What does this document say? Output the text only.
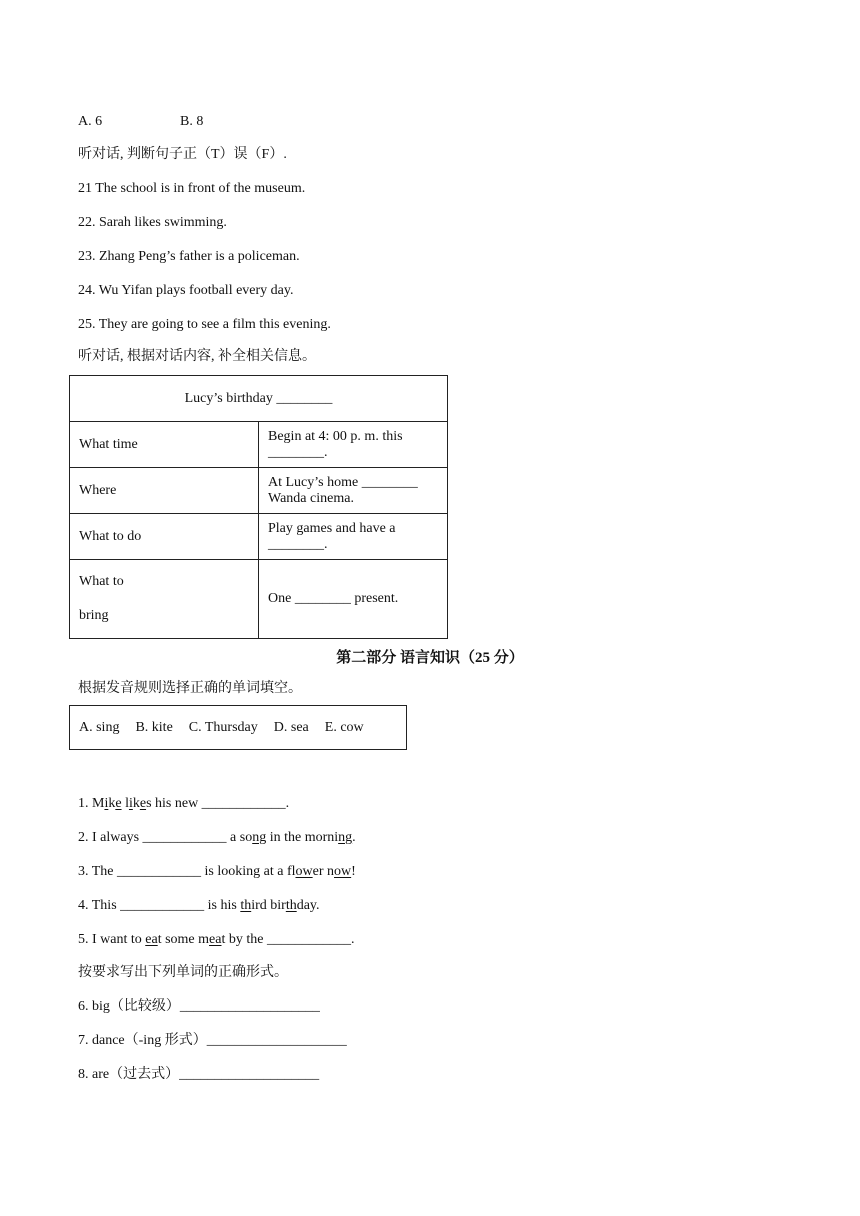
A. 6	B. 8
听对话, 判断句子正（T）误（F）.
21 The school is in front of the museum.
22. Sarah likes swimming.
23. Zhang Peng’s father is a policeman.
24. Wu Yifan plays football every day.
25. They are going to see a film this evening.
听对话, 根据对话内容, 补全相关信息。
Lucy’s birthday ________	
What time	Begin at 4: 00 p. m. this ________.
Where	At Lucy’s home ________ Wanda cinema.
What to do	Play games and have a ________.

What to
bring	One ________ present.
第二部分 语言知识（25 分）
根据发音规则选择正确的单词填空。
A. sing B. kite C. Thursday D. sea E. cow
1. Mike likes his new ____________.
2. I always ____________ a song in the morning.
3. The ____________ is looking at a flower now!
4. This ____________ is his third birthday.
5. I want to eat some meat by the ____________.
按要求写出下列单词的正确形式。
6. big（比较级）____________________
7. dance（-ing 形式）____________________
8. are（过去式）____________________
